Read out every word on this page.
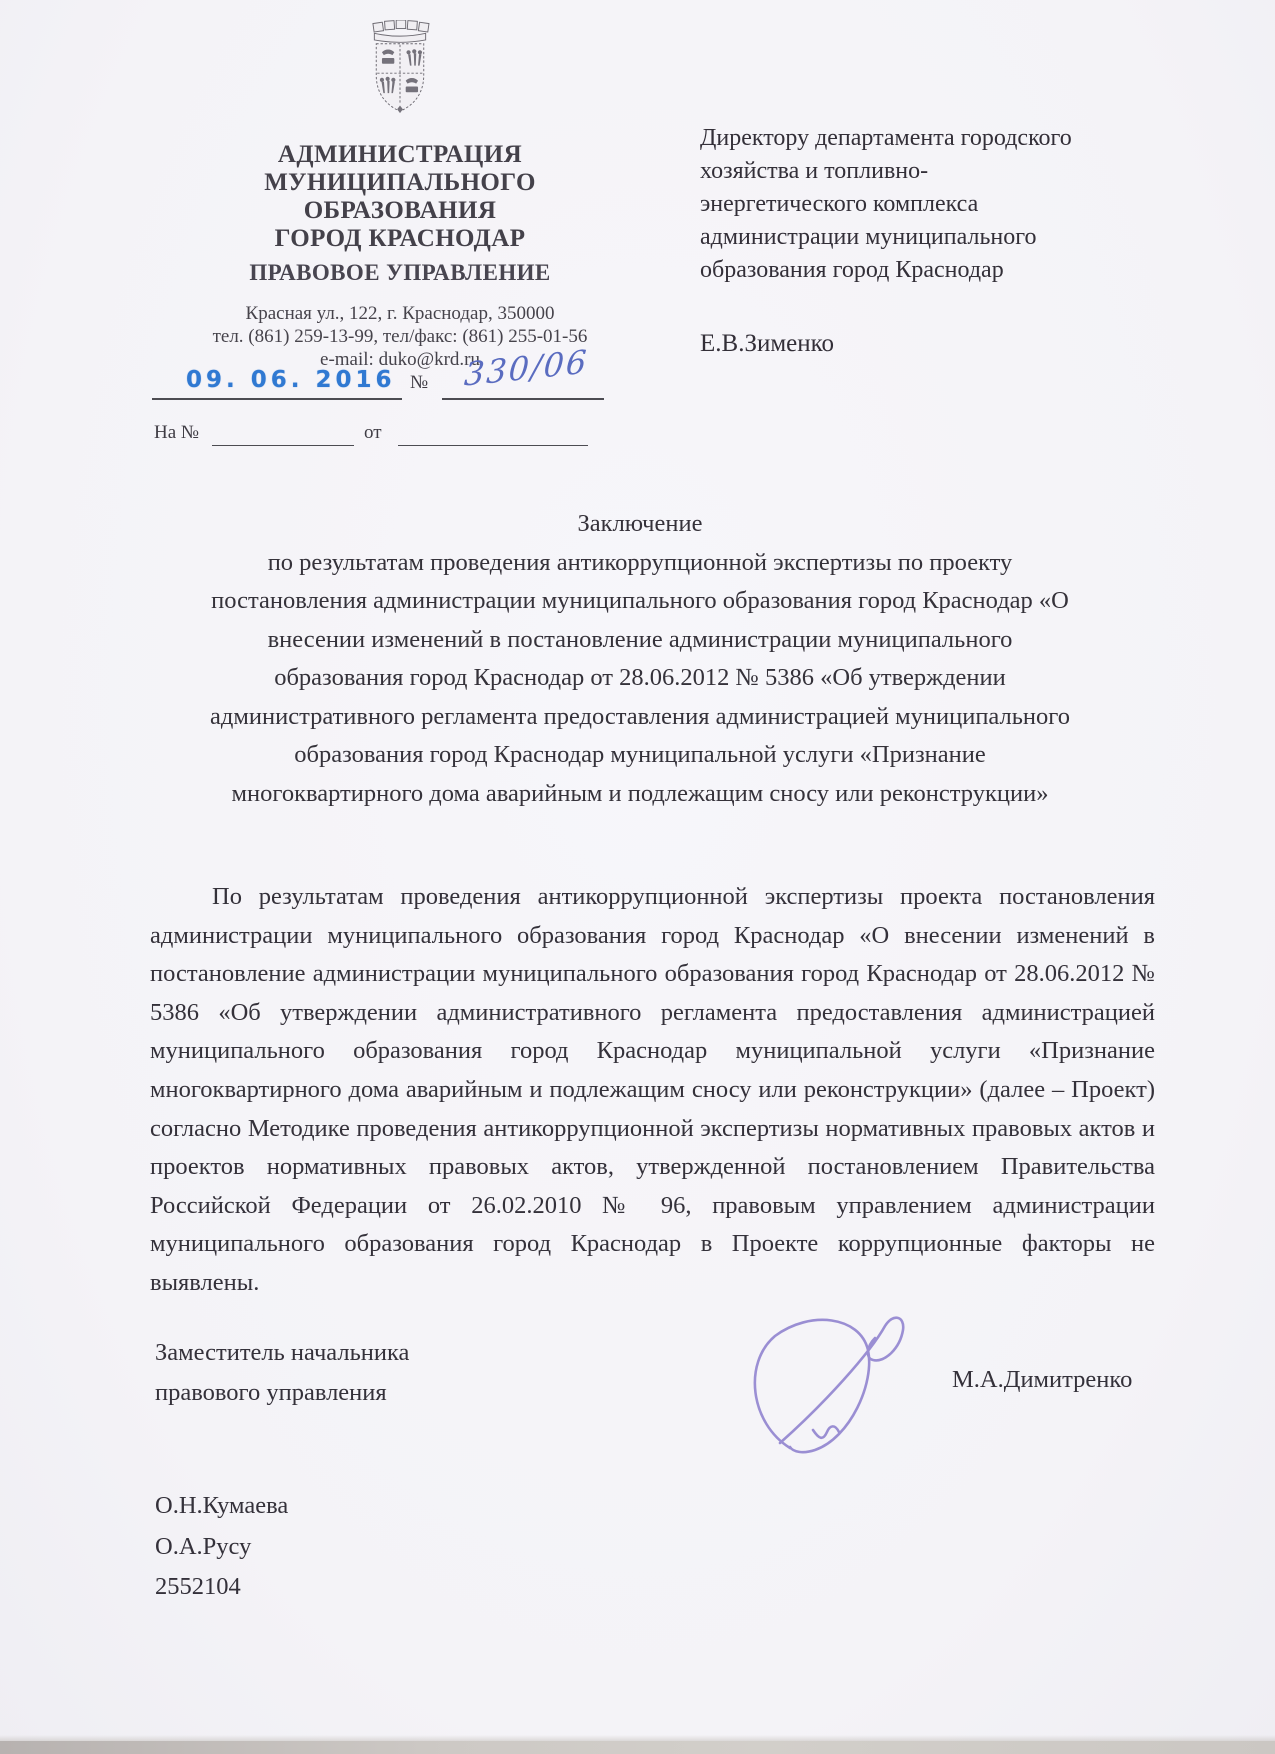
АДМИНИСТРАЦИЯ
МУНИЦИПАЛЬНОГО ОБРАЗОВАНИЯ
ГОРОД КРАСНОДАР
ПРАВОВОЕ УПРАВЛЕНИЕ
Красная ул., 122, г. Краснодар, 350000
тел. (861) 259-13-99, тел/факс: (861) 255-01-56
e-mail: duko@krd.ru
09. 06. 2016 № 330/06
На №	от
Директору департамента городского
хозяйства и топливно-
энергетического комплекса
администрации муниципального
образования город Краснодар
Е.В.Зименко
Заключение
по результатам проведения антикоррупционной экспертизы по проекту
постановления администрации муниципального образования город Краснодар «О
внесении изменений в постановление администрации муниципального
образования город Краснодар от 28.06.2012 № 5386 «Об утверждении
административного регламента предоставления администрацией муниципального
образования город Краснодар муниципальной услуги «Признание
многоквартирного дома аварийным и подлежащим сносу или реконструкции»
По результатам проведения антикоррупционной экспертизы проекта постановления администрации муниципального образования город Краснодар «О внесении изменений в постановление администрации муниципального образования город Краснодар от 28.06.2012 № 5386 «Об утверждении административного регламента предоставления администрацией муниципального образования город Краснодар муниципальной услуги «Признание многоквартирного дома аварийным и подлежащим сносу или реконструкции» (далее – Проект) согласно Методике проведения антикоррупционной экспертизы нормативных правовых актов и проектов нормативных правовых актов, утвержденной постановлением Правительства Российской Федерации от 26.02.2010 № 96, правовым управлением администрации муниципального образования город Краснодар в Проекте коррупционные факторы не выявлены.
Заместитель начальника
правового управления	М.А.Димитренко
О.Н.Кумаева
О.А.Русу
2552104
